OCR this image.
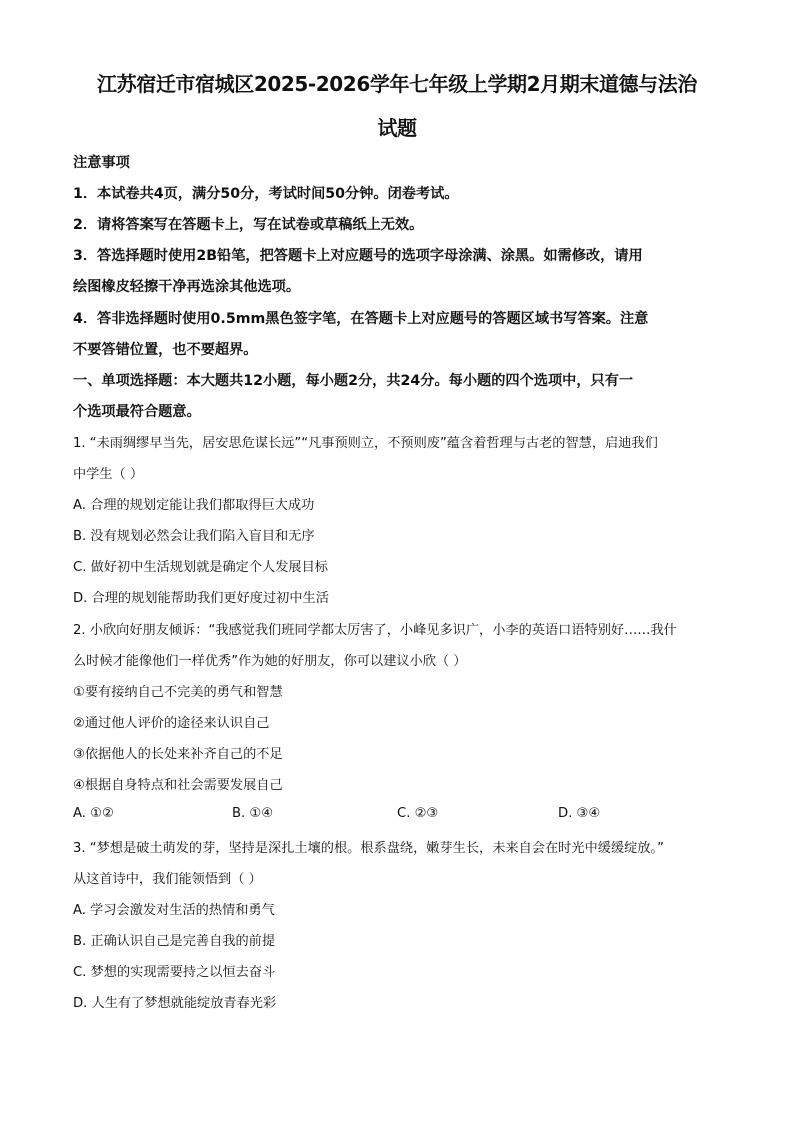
江苏宿迁市宿城区2025-2026学年七年级上学期2月期末道德与法治
试题
注意事项
1．本试卷共4页，满分50分，考试时间50分钟。闭卷考试。
2．请将答案写在答题卡上，写在试卷或草稿纸上无效。
3．答选择题时使用2B铅笔，把答题卡上对应题号的选项字母涂满、涂黑。如需修改，请用
绘图橡皮轻擦干净再选涂其他选项。
4．答非选择题时使用0.5mm黑色签字笔，在答题卡上对应题号的答题区域书写答案。注意
不要答错位置，也不要超界。
一、单项选择题：本大题共12小题，每小题2分，共24分。每小题的四个选项中，只有一
个选项最符合题意。
1. “未雨绸缪早当先，居安思危谋长远”“凡事预则立，不预则废”蕴含着哲理与古老的智慧，启迪我们
中学生（ ）
A. 合理的规划定能让我们都取得巨大成功
B. 没有规划必然会让我们陷入盲目和无序
C. 做好初中生活规划就是确定个人发展目标
D. 合理的规划能帮助我们更好度过初中生活
2. 小欣向好朋友倾诉：“我感觉我们班同学都太厉害了，小峰见多识广，小李的英语口语特别好……我什
么时候才能像他们一样优秀”作为她的好朋友，你可以建议小欣（ ）
①要有接纳自己不完美的勇气和智慧
②通过他人评价的途径来认识自己
③依据他人的长处来补齐自己的不足
④根据自身特点和社会需要发展自己
A. ①②	B. ①④	C. ②③	D. ③④
3. “梦想是破土萌发的芽，坚持是深扎土壤的根。根系盘绕，嫩芽生长，未来自会在时光中缓缓绽放。”
从这首诗中，我们能领悟到（ ）
A. 学习会激发对生活的热情和勇气
B. 正确认识自己是完善自我的前提
C. 梦想的实现需要持之以恒去奋斗
D. 人生有了梦想就能绽放青春光彩
